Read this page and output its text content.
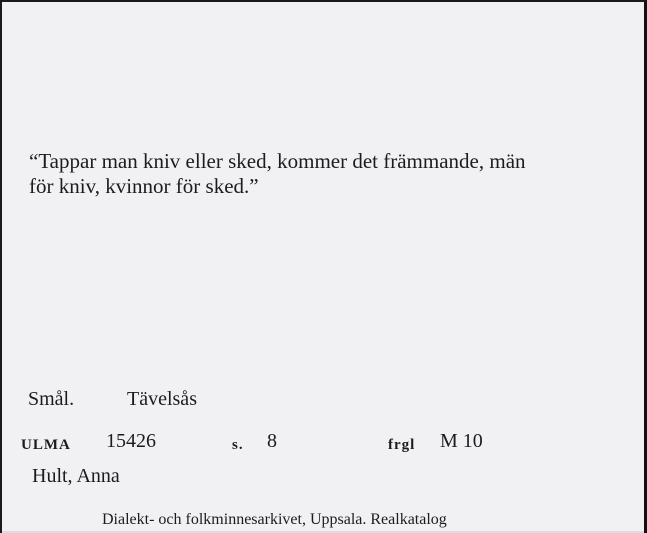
“Tappar man kniv eller sked, kommer det främmande, män
för kniv, kvinnor för sked.”
Smål.	Tävelsås
ULMA 15426	s. 8	frgl M 10
Hult, Anna
Dialekt- och folkminnesarkivet, Uppsala. Realkatalog
